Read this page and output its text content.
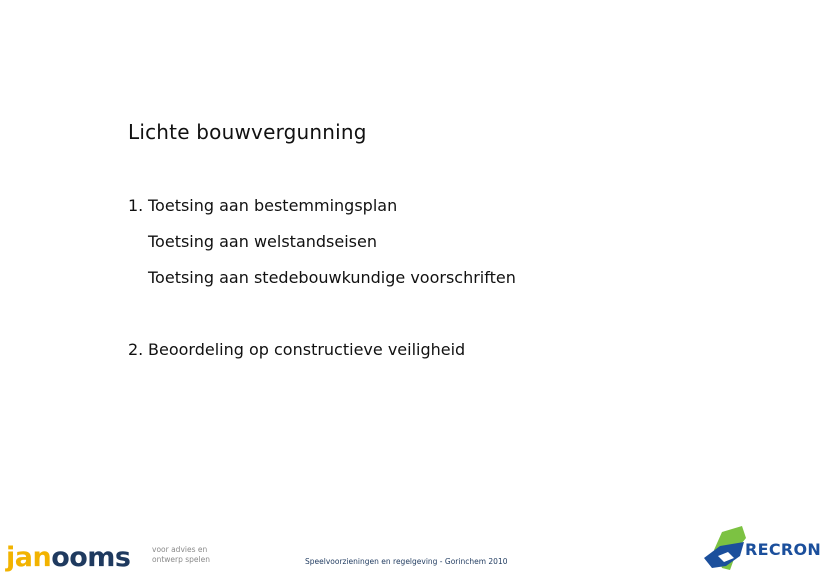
Lichte bouwvergunning
1. Toetsing aan bestemmingsplan
Toetsing aan welstandseisen
Toetsing aan stedebouwkundige voorschriften
2. Beoordeling op constructieve veiligheid
janooms	voor advies en
ontwerp spelen	Speelvoorzieningen en regelgeving - Gorinchem 2010
RECRON
